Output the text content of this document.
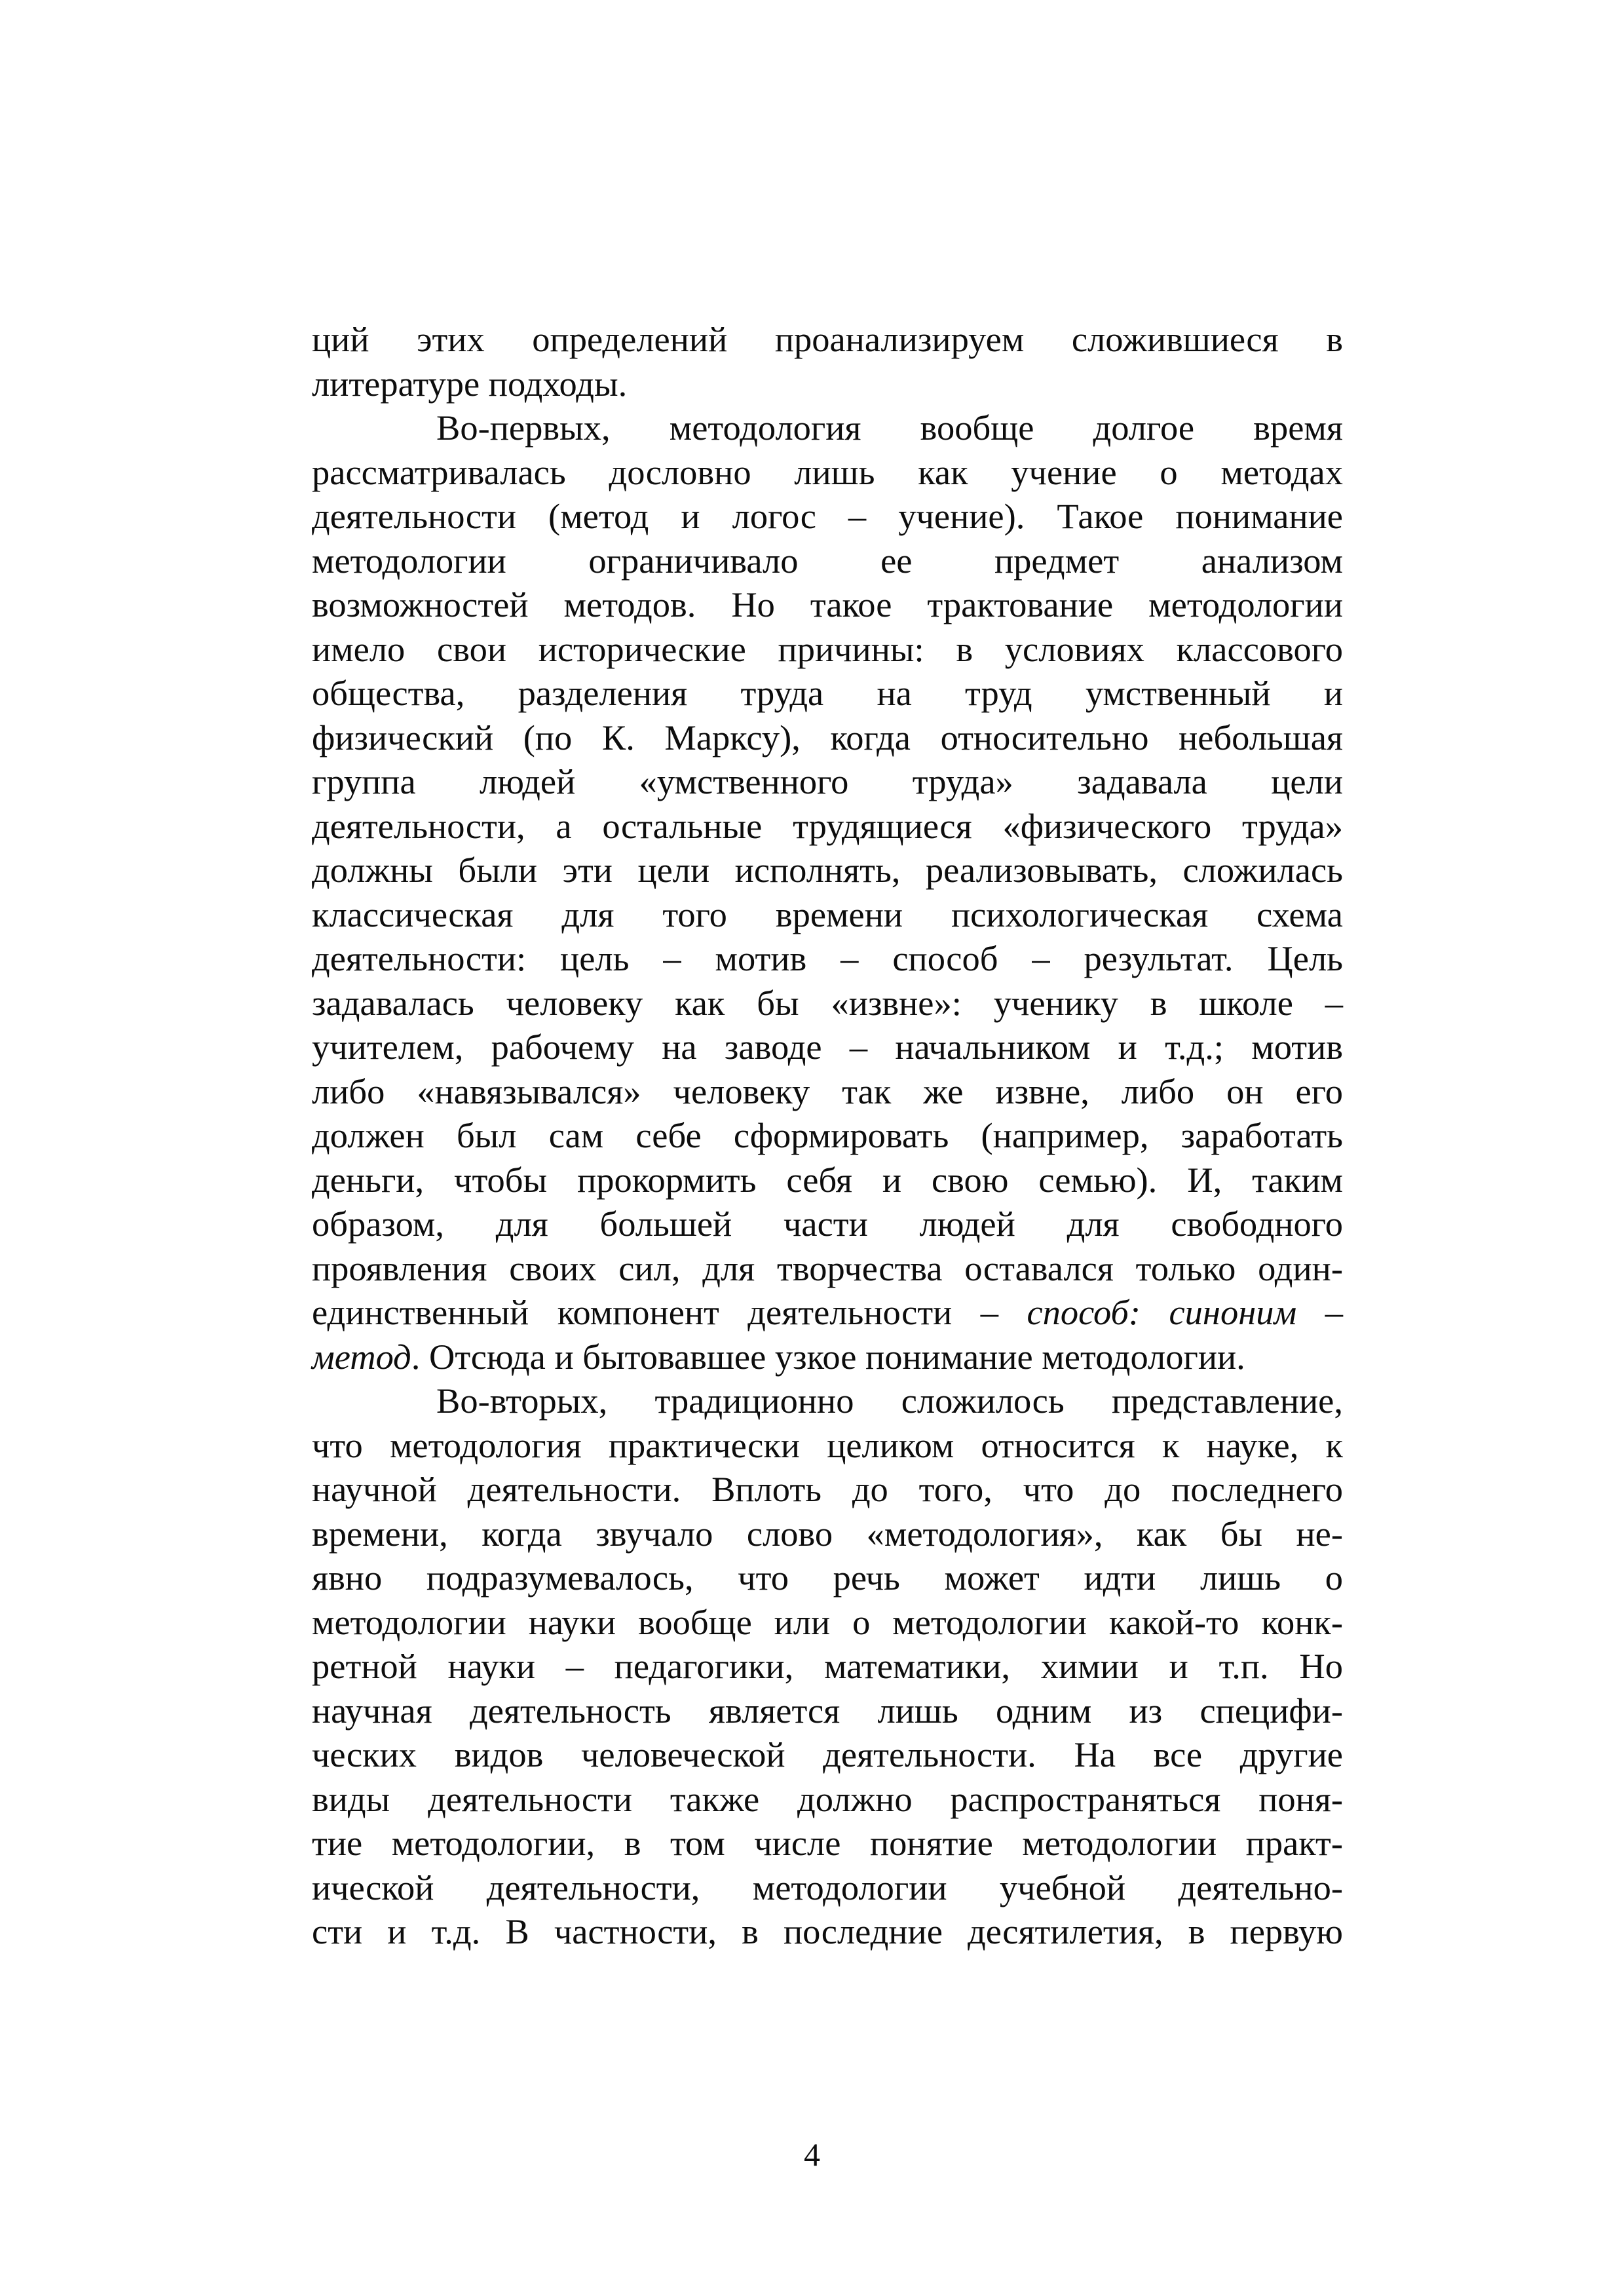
ций этих определений проанализируем сложившиеся в
литературе подходы.
Во-первых, методология вообще долгое время
рассматривалась дословно лишь как учение о методах
деятельности (метод и логос – учение). Такое понимание
методологии ограничивало ее предмет анализом
возможностей методов. Но такое трактование методологии
имело свои исторические причины: в условиях классового
общества, разделения труда на труд умственный и
физический (по К. Марксу), когда относительно небольшая
группа людей «умственного труда» задавала цели
деятельности, а остальные трудящиеся «физического труда»
должны были эти цели исполнять, реализовывать, сложилась
классическая для того времени психологическая схема
деятельности: цель – мотив – способ – результат. Цель
задавалась человеку как бы «извне»: ученику в школе –
учителем, рабочему на заводе – начальником и т.д.; мотив
либо «навязывался» человеку так же извне, либо он его
должен был сам себе сформировать (например, заработать
деньги, чтобы прокормить себя и свою семью). И, таким
образом, для большей части людей для свободного
проявления своих сил, для творчества оставался только один-
единственный компонент деятельности – способ: синоним –
метод. Отсюда и бытовавшее узкое понимание методологии.
Во-вторых, традиционно сложилось представление,
что методология практически целиком относится к науке, к
научной деятельности. Вплоть до того, что до последнего
времени, когда звучало слово «методология», как бы не-
явно подразумевалось, что речь может идти лишь о
методологии науки вообще или о методологии какой-то конк-
ретной науки – педагогики, математики, химии и т.п. Но
научная деятельность является лишь одним из специфи-
ческих видов человеческой деятельности. На все другие
виды деятельности также должно распространяться поня-
тие методологии, в том числе понятие методологии практ-
ической деятельности, методологии учебной деятельно-
сти и т.д. В частности, в последние десятилетия, в первую
4
